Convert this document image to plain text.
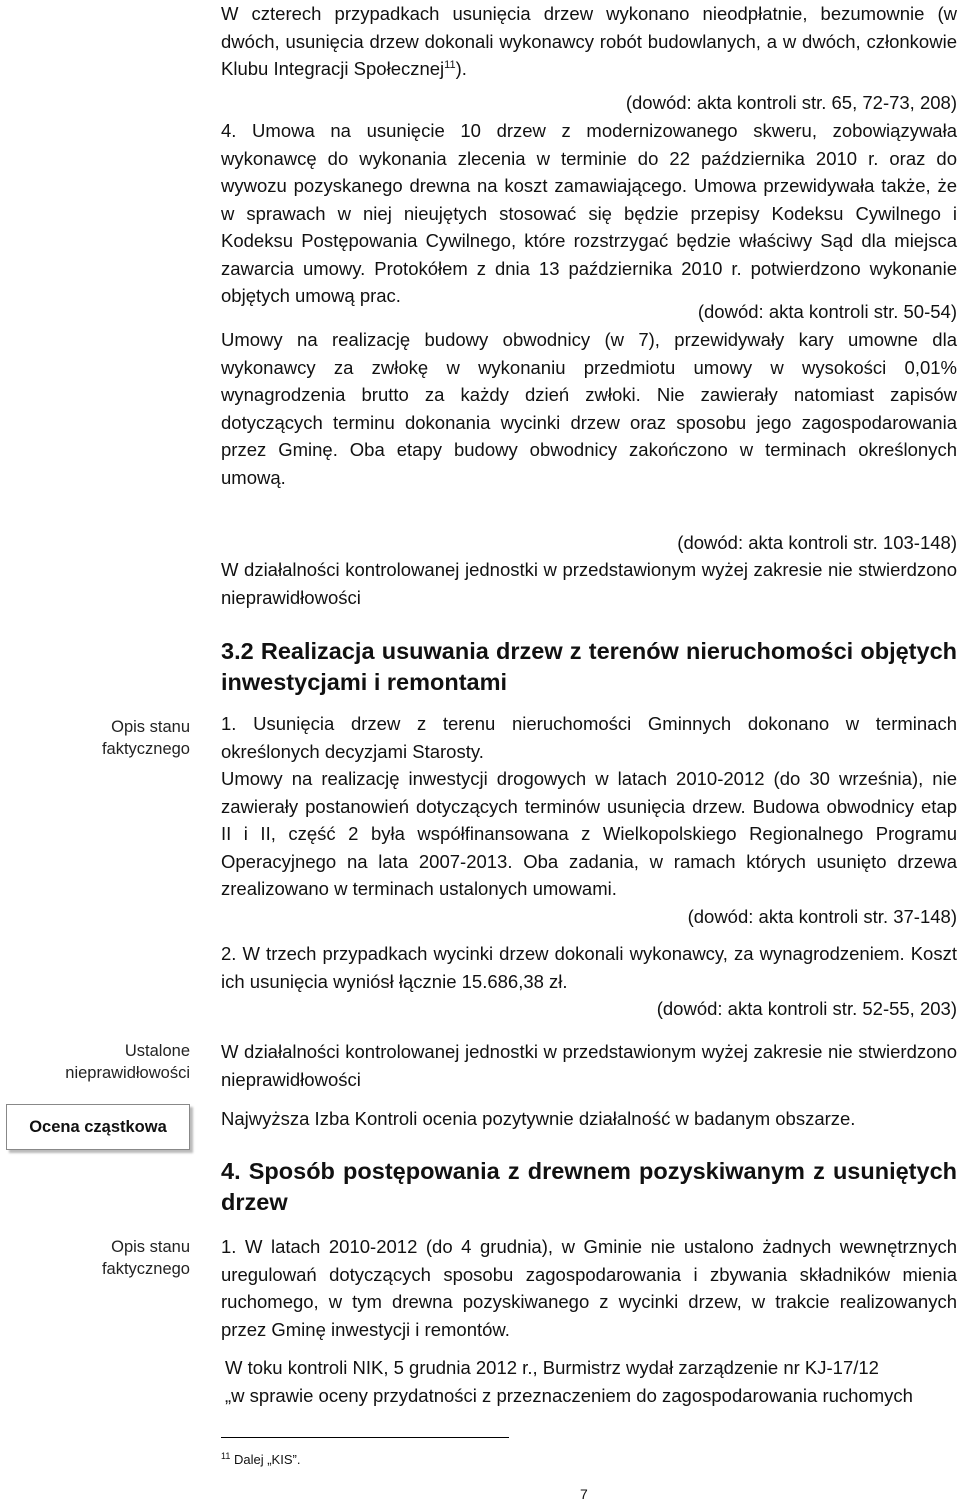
Opis stanu faktycznego
Ustalone nieprawidłowości
Ocena cząstkowa
Opis stanu faktycznego
W czterech przypadkach usunięcia drzew wykonano nieodpłatnie, bezumownie (w dwóch, usunięcia drzew dokonali wykonawcy robót budowlanych, a w dwóch, członkowie Klubu Integracji Społecznej$^{11}$).
(dowód: akta kontroli str. 65, 72-73, 208)
4. Umowa na usunięcie 10 drzew z modernizowanego skweru, zobowiązywała wykonawcę do wykonania zlecenia w terminie do 22 października 2010 r. oraz do wywozu pozyskanego drewna na koszt zamawiającego. Umowa przewidywała także, że w sprawach w niej nieujętych stosować się będzie przepisy Kodeksu Cywilnego i Kodeksu Postępowania Cywilnego, które rozstrzygać będzie właściwy Sąd dla miejsca zawarcia umowy. Protokółem z dnia 13 października 2010 r. potwierdzono wykonanie objętych umową prac.
(dowód: akta kontroli str. 50-54)
Umowy na realizację budowy obwodnicy (w 7), przewidywały kary umowne dla wykonawcy za zwłokę w wykonaniu przedmiotu umowy w wysokości 0,01% wynagrodzenia brutto za każdy dzień zwłoki. Nie zawierały natomiast zapisów dotyczących terminu dokonania wycinki drzew oraz sposobu jego zagospodarowania przez Gminę. Oba etapy budowy obwodnicy zakończono w terminach określonych umową.
(dowód: akta kontroli str. 103-148)
W działalności kontrolowanej jednostki w przedstawionym wyżej zakresie nie stwierdzono nieprawidłowości
3.2 Realizacja usuwania drzew z terenów nieruchomości objętych inwestycjami i remontami
1. Usunięcia drzew z terenu nieruchomości Gminnych dokonano w terminach określonych decyzjami Starosty.
Umowy na realizację inwestycji drogowych w latach 2010-2012 (do 30 września), nie zawierały postanowień dotyczących terminów usunięcia drzew. Budowa obwodnicy etap II i II, część 2 była współfinansowana z Wielkopolskiego Regionalnego Programu Operacyjnego na lata 2007-2013. Oba zadania, w ramach których usunięto drzewa zrealizowano w terminach ustalonych umowami.
(dowód: akta kontroli str. 37-148)
2. W trzech przypadkach wycinki drzew dokonali wykonawcy, za wynagrodzeniem. Koszt ich usunięcia wyniósł łącznie 15.686,38 zł.
(dowód: akta kontroli str. 52-55, 203)
W działalności kontrolowanej jednostki w przedstawionym wyżej zakresie nie stwierdzono nieprawidłowości
Najwyższa Izba Kontroli ocenia pozytywnie działalność w badanym obszarze.
4. Sposób postępowania z drewnem pozyskiwanym z usuniętych drzew
1. W latach 2010-2012 (do 4 grudnia), w Gminie nie ustalono żadnych wewnętrznych uregulowań dotyczących sposobu zagospodarowania i zbywania składników mienia ruchomego, w tym drewna pozyskiwanego z wycinki drzew, w trakcie realizowanych przez Gminę inwestycji i remontów.
W toku kontroli NIK, 5 grudnia 2012 r., Burmistrz wydał zarządzenie nr KJ-17/12
„w sprawie oceny przydatności z przeznaczeniem do zagospodarowania ruchomych
$^{11}$ Dalej „KIS”.
7
